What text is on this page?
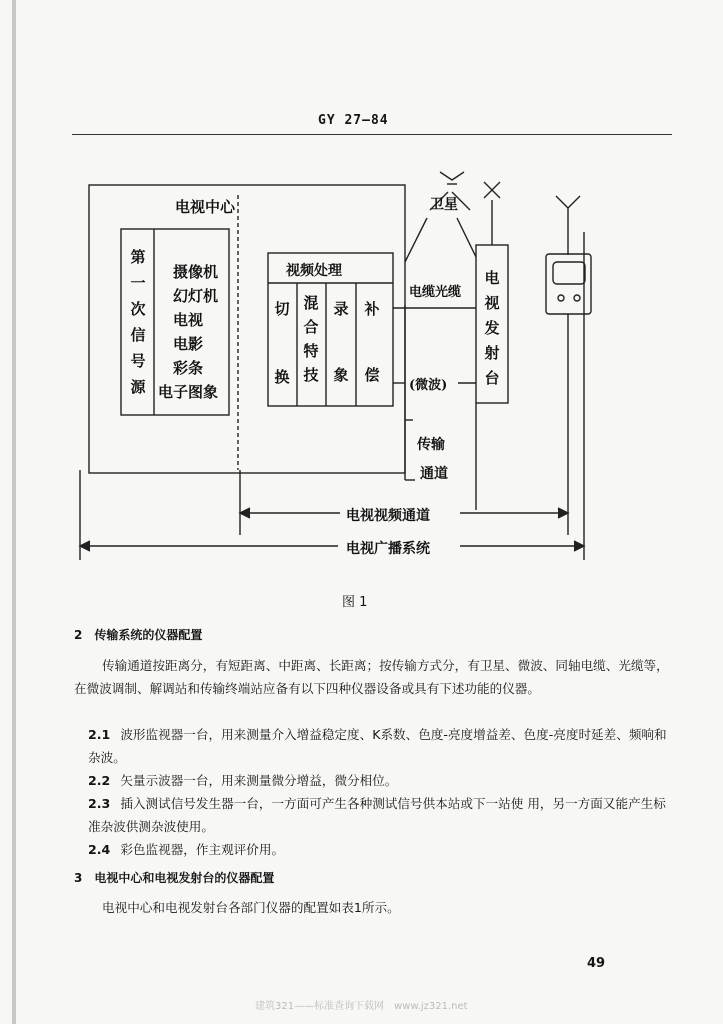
GY 27—84
电视中心	卫星
电缆光缆
(微波)
视频处理
传输
通道
电视视频通道
电视广播系统
第一次信号源
摄像机
幻灯机
电视
电影
彩条
电子图象
切换
混合特技
录象
补偿
电视发射台
图 1
2　传输系统的仪器配置
传输通道按距离分，有短距离、中距离、长距离；按传输方式分，有卫星、微波、同轴电缆、光缆等，在微波调制、解调站和传输终端站应备有以下四种仪器设备或具有下述功能的仪器。
2.1 波形监视器一台，用来测量介入增益稳定度、K系数、色度-亮度增益差、色度-亮度时延差、频响和杂波。
2.2 矢量示波器一台，用来测量微分增益，微分相位。
2.3 插入测试信号发生器一台，一方面可产生各种测试信号供本站或下一站使 用，另一方面又能产生标准杂波供测杂波使用。
2.4 彩色监视器，作主观评价用。
3　电视中心和电视发射台的仪器配置
电视中心和电视发射台各部门仪器的配置如表1所示。
49
建筑321——标准查询下载网　www.jz321.net
